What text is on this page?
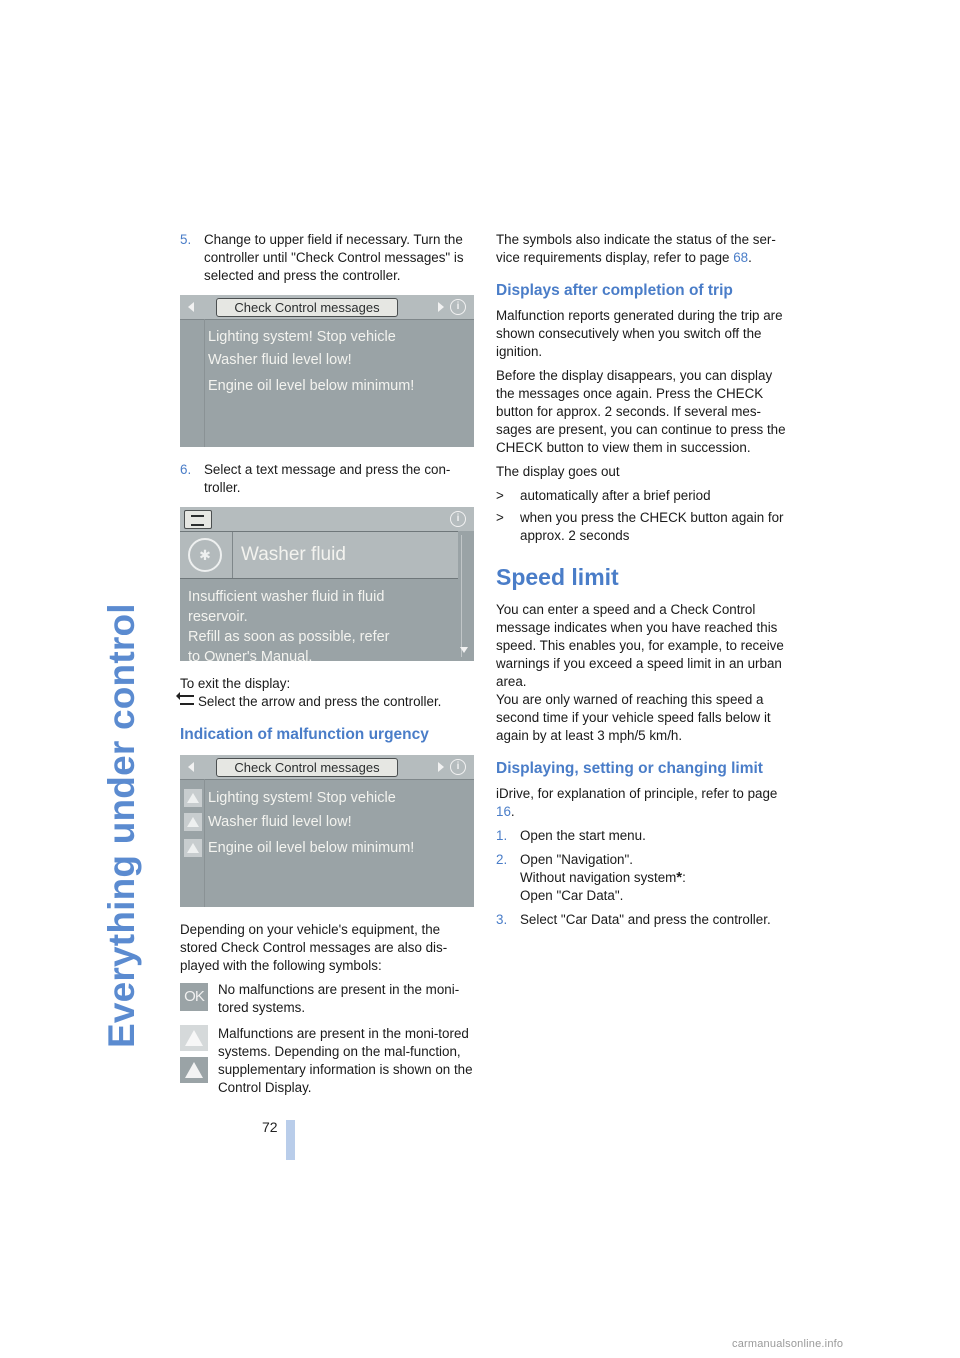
Everything under control
5. Change to upper field if necessary. Turn the controller until "Check Control messages" is selected and press the controller.
Check Control messages	i
Lighting system! Stop vehicle
Washer fluid level low!
Engine oil level below minimum!
6. Select a text message and press the con-troller.
i
✱	Washer fluid
Insufficient washer fluid in fluid
reservoir.
Refill as soon as possible, refer
to Owner's Manual.

To exit the display:
Select the arrow and press the controller.

Indication of malfunction urgency
Check Control messages	i
Lighting system! Stop vehicle
Washer fluid level low!
Engine oil level below minimum!

Depending on your vehicle's equipment, the stored Check Control messages are also dis-played with the following symbols:

OK	No malfunctions are present in the moni-tored systems.
Malfunctions are present in the moni-tored systems. Depending on the mal-function, supplementary information is shown on the Control Display.

The symbols also indicate the status of the ser-vice requirements display, refer to page 68.

Displays after completion of trip

Malfunction reports generated during the trip are shown consecutively when you switch off the ignition.

Before the display disappears, you can display the messages once again. Press the CHECK button for approx. 2 seconds. If several mes-sages are present, you can continue to press the CHECK button to view them in succession.

The display goes out

>	automatically after a brief period
>	when you press the CHECK button again for approx. 2 seconds
Speed limit

You can enter a speed and a Check Control message indicates when you have reached this speed. This enables you, for example, to receive warnings if you exceed a speed limit in an urban area.
You are only warned of reaching this speed a second time if your vehicle speed falls below it again by at least 3 mph/5 km/h.

Displaying, setting or changing limit

iDrive, for explanation of principle, refer to page 16.

1. Open the start menu.
2. Open "Navigation".
Without navigation system*:
Open "Car Data".
3. Select "Car Data" and press the controller.
72
carmanualsonline.info
